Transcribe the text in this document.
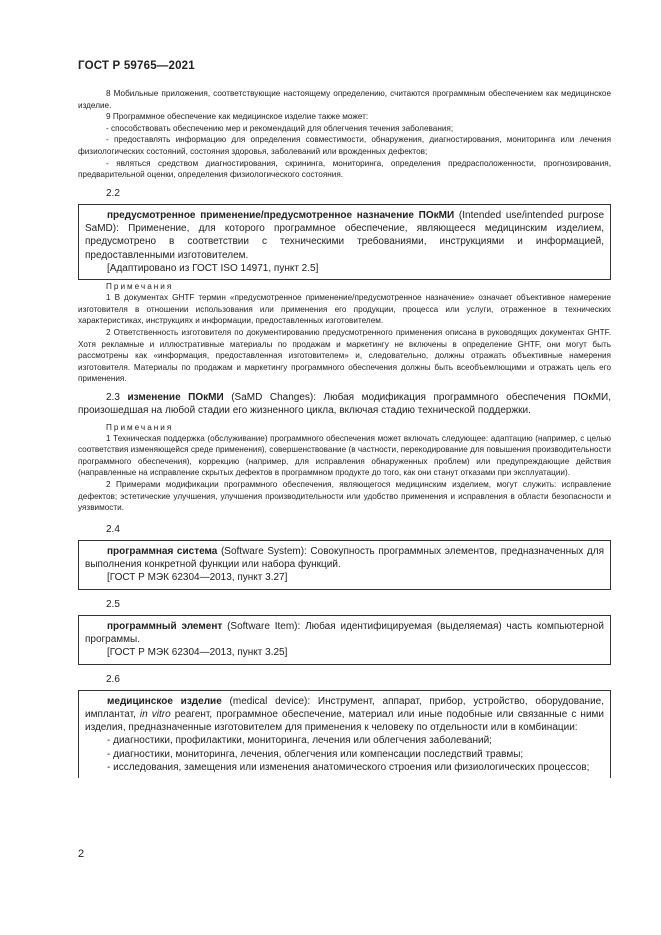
ГОСТ Р 59765—2021

8 Мобильные приложения, соответствующие настоящему определению, считаются программным обеспечением как медицинское изделие.

9 Программное обеспечение как медицинское изделие также может:

- способствовать обеспечению мер и рекомендаций для облегчения течения заболевания;

- предоставлять информацию для определения совместимости, обнаружения, диагностирования, мониторинга или лечения физиологических состояний, состояния здоровья, заболеваний или врожденных дефектов;

- являться средством диагностирования, скрининга, мониторинга, определения предрасположенности, прогнозирования, предварительной оценки, определения физиологического состояния.

2.2

предусмотренное применение/предусмотренное назначение ПОкМИ (Intended use/intended purpose SaMD): Применение, для которого программное обеспечение, являющееся медицинским изделием, предусмотрено в соответствии с техническими требованиями, инструкциями и информацией, предоставленными изготовителем.

[Адаптировано из ГОСТ ISO 14971, пункт 2.5]

Примечания

1 В документах GHTF термин «предусмотренное применение/предусмотренное назначение» означает объективное намерение изготовителя в отношении использования или применения его продукции, процесса или услуги, отраженное в технических характеристиках, инструкциях и информации, предоставленных изготовителем.

2 Ответственность изготовителя по документированию предусмотренного применения описана в руководящих документах GHTF. Хотя рекламные и иллюстративные материалы по продажам и маркетингу не включены в определение GHTF, они могут быть рассмотрены как «информация, предоставленная изготовителем» и, следовательно, должны отражать объективные намерения изготовителя. Материалы по продажам и маркетингу программного обеспечения должны быть всеобъемлющими и отражать цель его применения.

2.3 изменение ПОкМИ (SaMD Changes): Любая модификация программного обеспечения ПОкМИ, произошедшая на любой стадии его жизненного цикла, включая стадию технической поддержки.

Примечания

1 Техническая поддержка (обслуживание) программного обеспечения может включать следующее: адаптацию (например, с целью соответствия изменяющейся среде применения), совершенствование (в частности, перекодирование для повышения производительности программного обеспечения), коррекцию (например, для исправления обнаруженных проблем) или предупреждающие действия (направленные на исправление скрытых дефектов в программном продукте до того, как они станут отказами при эксплуатации).

2 Примерами модификации программного обеспечения, являющегося медицинским изделием, могут служить: исправление дефектов; эстетические улучшения, улучшения производительности или удобство применения и исправления в области безопасности и уязвимости.

2.4

программная система (Software System): Совокупность программных элементов, предназначенных для выполнения конкретной функции или набора функций.

[ГОСТ Р МЭК 62304—2013, пункт 3.27]

2.5

программный элемент (Software Item): Любая идентифицируемая (выделяемая) часть компьютерной программы.

[ГОСТ Р МЭК 62304—2013, пункт 3.25]

2.6

медицинское изделие (medical device): Инструмент, аппарат, прибор, устройство, оборудование, имплантат, in vitro реагент, программное обеспечение, материал или иные подобные или связанные с ними изделия, предназначенные изготовителем для применения к человеку по отдельности или в комбинации:

- диагностики, профилактики, мониторинга, лечения или облегчения заболеваний;

- диагностики, мониторинга, лечения, облегчения или компенсации последствий травмы;

- исследования, замещения или изменения анатомического строения или физиологических процессов;

2
